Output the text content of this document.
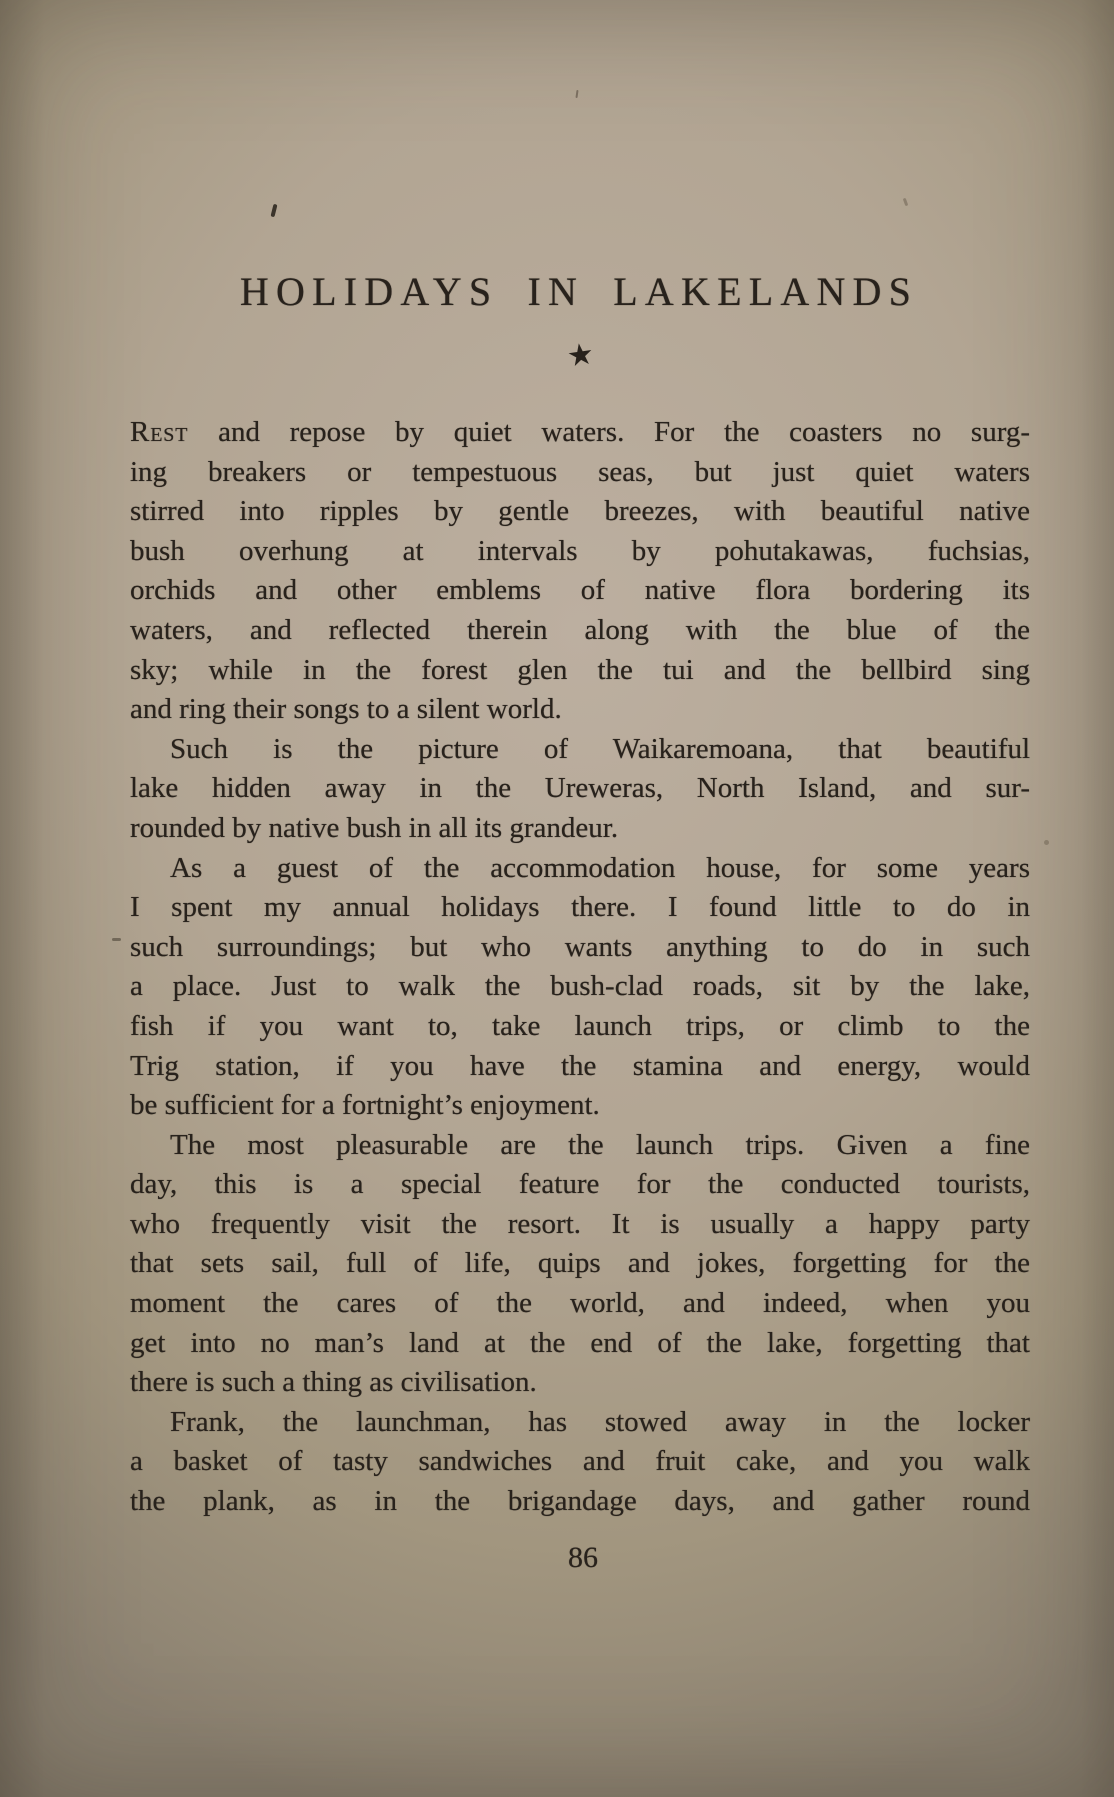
HOLIDAYS IN LAKELANDS
★
Rest and repose by quiet waters. For the coasters no surg-
ing breakers or tempestuous seas, but just quiet waters
stirred into ripples by gentle breezes, with beautiful native
bush overhung at intervals by pohutakawas, fuchsias,
orchids and other emblems of native flora bordering its
waters, and reflected therein along with the blue of the
sky; while in the forest glen the tui and the bellbird sing
and ring their songs to a silent world.
Such is the picture of Waikaremoana, that beautiful
lake hidden away in the Ureweras, North Island, and sur-
rounded by native bush in all its grandeur.
As a guest of the accommodation house, for some years
I spent my annual holidays there. I found little to do in
such surroundings; but who wants anything to do in such
a place. Just to walk the bush-clad roads, sit by the lake,
fish if you want to, take launch trips, or climb to the
Trig station, if you have the stamina and energy, would
be sufficient for a fortnight’s enjoyment.
The most pleasurable are the launch trips. Given a fine
day, this is a special feature for the conducted tourists,
who frequently visit the resort. It is usually a happy party
that sets sail, full of life, quips and jokes, forgetting for the
moment the cares of the world, and indeed, when you
get into no man’s land at the end of the lake, forgetting that
there is such a thing as civilisation.
Frank, the launchman, has stowed away in the locker
a basket of tasty sandwiches and fruit cake, and you walk
the plank, as in the brigandage days, and gather round
86
